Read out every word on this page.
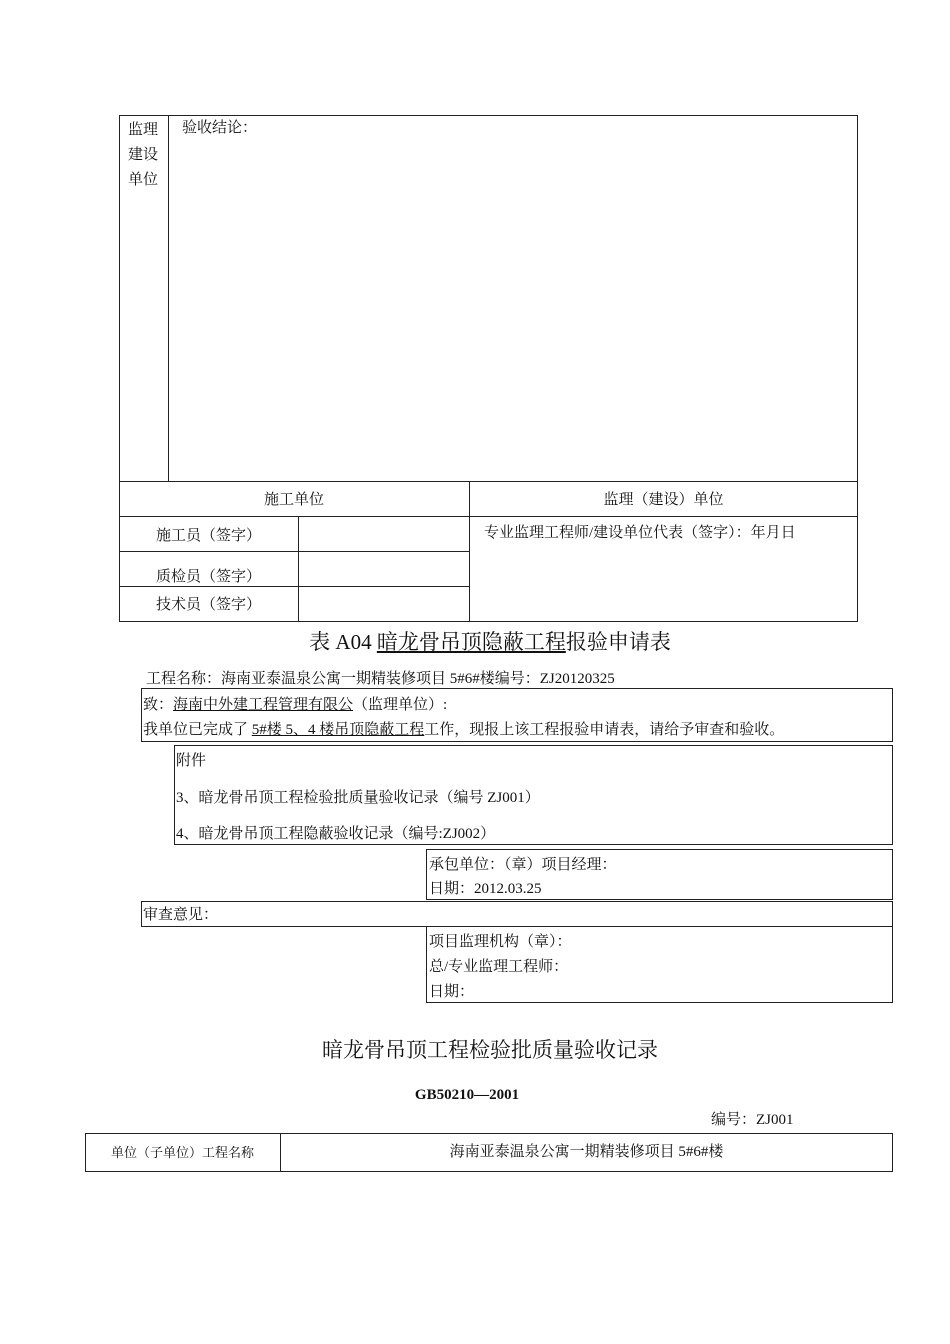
监理
建设
单位
验收结论：
施工单位	监理（建设）单位
施工员（签字）
质检员（签字）
技术员（签字）
专业监理工程师/建设单位代表（签字）：年月日
表 A04 暗龙骨吊顶隐蔽工程报验申请表
工程名称：海南亚泰温泉公寓一期精装修项目 5#6#楼编号：ZJ20120325
致：海南中外建工程管理有限公（监理单位）:
我单位已完成了 5#楼 5、4 楼吊顶隐蔽工程工作，现报上该工程报验申请表，请给予审查和验收。
附件
3、暗龙骨吊顶工程检验批质量验收记录（编号 ZJ001）
4、暗龙骨吊顶工程隐蔽验收记录（编号:ZJ002）
承包单位：（章）项目经理：
日期：2012.03.25
审查意见：
项目监理机构（章）：
总/专业监理工程师：
日期：
暗龙骨吊顶工程检验批质量验收记录
GB50210—2001
编号：ZJ001
单位（子单位）工程名称	海南亚泰温泉公寓一期精装修项目 5#6#楼
